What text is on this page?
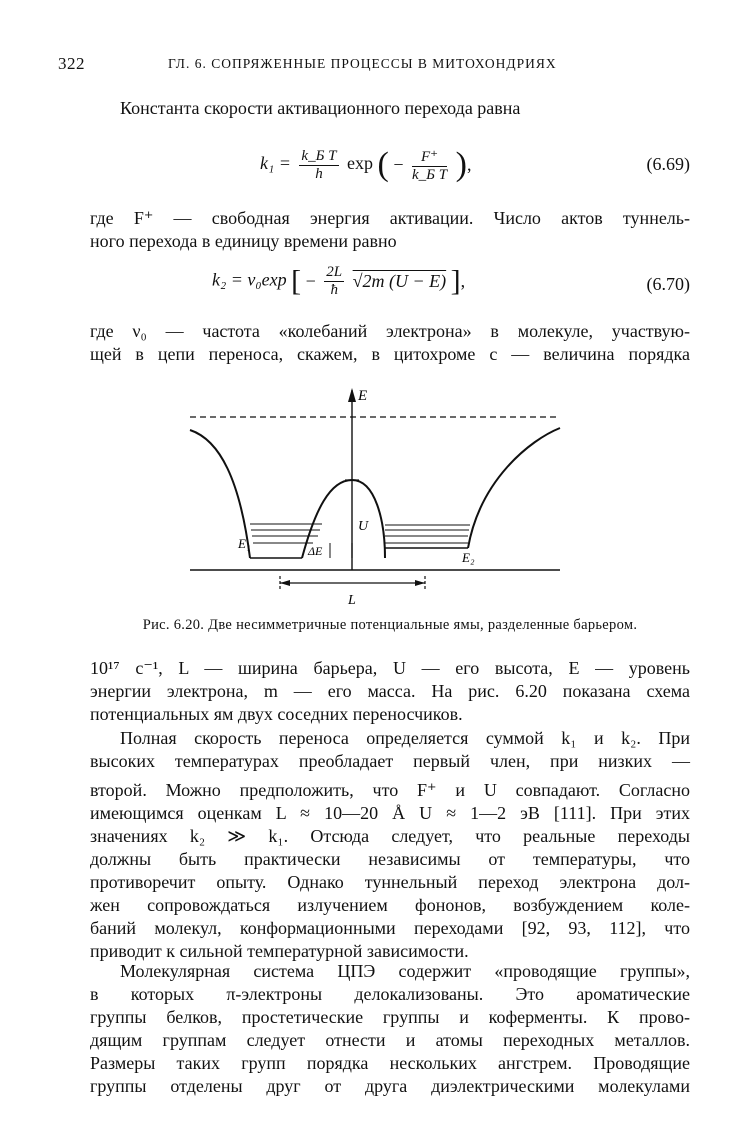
322	ГЛ. 6. СОПРЯЖЕННЫЕ ПРОЦЕССЫ В МИТОХОНДРИЯХ
Константа скорости активационного перехода равна
$k_1 = \frac{\text{k\_Б T}}{h}$ exp ( − $\frac{F^+}{\text{k\_Б T}}$ ),	(6.69)
где F⁺ — свободная энергия активации. Число актов туннель-
ного перехода в единицу времени равно
k₂ = ν₀exp [ − $\frac{2L}{ħ} √2m$ (U − E) ],	(6.70)
где ν₀ — частота «колебаний электрона» в молекуле, участвую-
щей в цепи переноса, скажем, в цитохроме c — величина порядка
E
E₁
U
ΔE	E₂
L
Рис. 6.20. Две несимметричные потенциальные ямы, разделенные барьером.
10¹⁷ с⁻¹, L — ширина барьера, U — его высота, E — уровень
энергии электрона, m — его масса. На рис. 6.20 показана схема
потенциальных ям двух соседних переносчиков.
Полная скорость переноса определяется суммой k₁ и k₂. При
высоких температурах преобладает первый член, при низких —
второй. Можно предположить, что F⁺ и U совпадают. Согласно
имеющимся оценкам L ≈ 10—20 Å U ≈ 1—2 эВ [111]. При этих
значениях k₂ ≫ k₁. Отсюда следует, что реальные переходы
должны быть практически независимы от температуры, что
противоречит опыту. Однако туннельный переход электрона дол-
жен сопровождаться излучением фононов, возбуждением коле-
баний молекул, конформационными переходами [92, 93, 112], что
приводит к сильной температурной зависимости.
Молекулярная система ЦПЭ содержит «проводящие группы»,
в которых π-электроны делокализованы. Это ароматические
группы белков, простетические группы и коферменты. К прово-
дящим группам следует отнести и атомы переходных металлов.
Размеры таких групп порядка нескольких ангстрем. Проводящие
группы отделены друг от друга диэлектрическими молекулами
